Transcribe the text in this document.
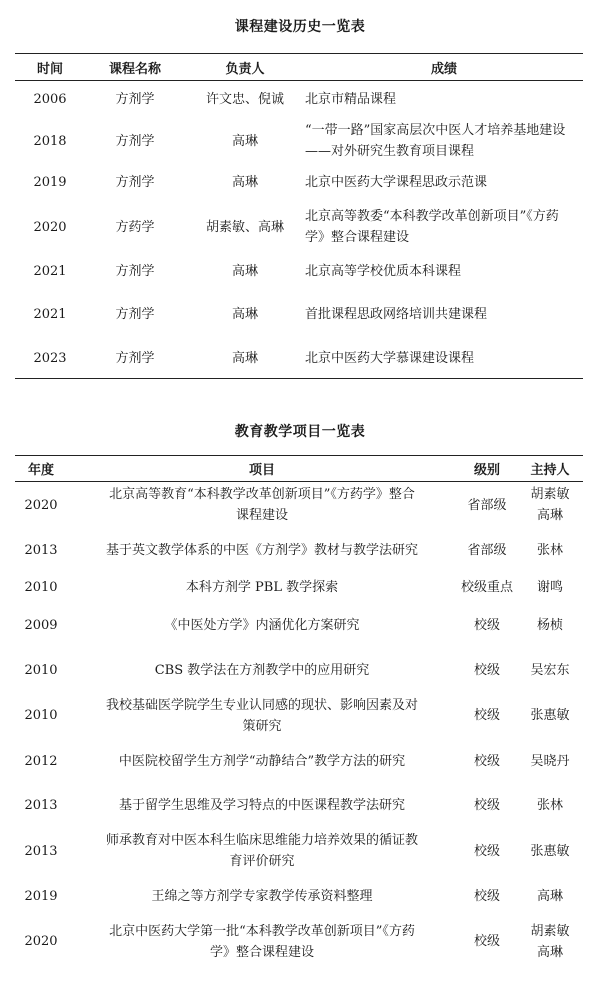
课程建设历史一览表
时间	课程名称	负责人	成绩
2006	方剂学	许文忠、倪诚	北京市精品课程
2018	方剂学	高琳	“一带一路”国家高层次中医人才培养基地建设——对外研究生教育项目课程
2019	方剂学	高琳	北京中医药大学课程思政示范课
2020	方药学	胡素敏、高琳	北京高等教委“本科教学改革创新项目”《方药学》整合课程建设
2021	方剂学	高琳	北京高等学校优质本科课程
2021	方剂学	高琳	首批课程思政网络培训共建课程
2023	方剂学	高琳	北京中医药大学慕课建设课程
教育教学项目一览表
年度	项目	级别	主持人
2020	北京高等教育“本科教学改革创新项目”《方药学》整合课程建设	省部级	胡素敏 高琳
2013	基于英文教学体系的中医《方剂学》教材与教学法研究	省部级	张林
2010	本科方剂学 PBL 教学探索	校级重点	谢鸣
2009	《中医处方学》内涵优化方案研究	校级	杨桢
2010	CBS 教学法在方剂教学中的应用研究	校级	吴宏东
2010	我校基础医学院学生专业认同感的现状、影响因素及对策研究	校级	张惠敏
2012	中医院校留学生方剂学“动静结合”教学方法的研究	校级	吴晓丹
2013	基于留学生思维及学习特点的中医课程教学法研究	校级	张林
2013	师承教育对中医本科生临床思维能力培养效果的循证教育评价研究	校级	张惠敏
2019	王绵之等方剂学专家教学传承资料整理	校级	高琳
2020	北京中医药大学第一批“本科教学改革创新项目”《方药学》整合课程建设	校级	胡素敏 高琳
